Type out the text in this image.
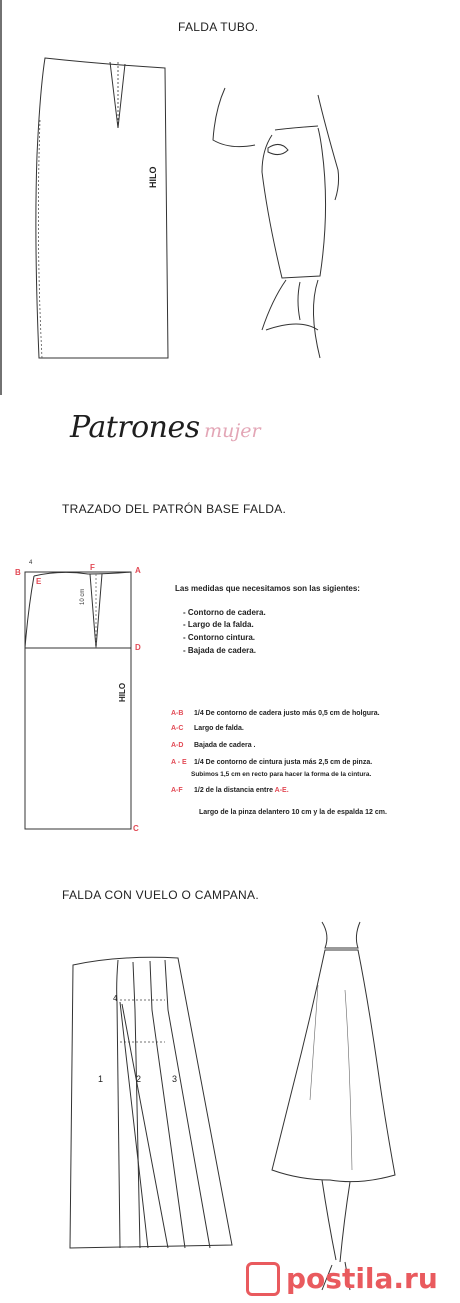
FALDA TUBO.
HILO
Patrones mujer
TRAZADO DEL PATRÓN BASE FALDA.
B
F	A
E
D
C
4
10 cm
HILO
Las medidas que necesitamos son las sigientes:
- Contorno de cadera.
- Largo de la falda.
- Contorno cintura.
- Bajada de cadera.
A-B 1/4 De contorno de cadera justo más 0,5 cm de holgura.
A-C Largo de falda.
A-D Bajada de cadera .
A - E 1/4 De contorno de cintura justa más 2,5 cm de pinza.
Subimos 1,5 cm en recto para hacer la forma de la cintura.
A-F 1/2 de la distancia entre A-E.
Largo de la pinza delantero 10 cm y la de espalda 12 cm.
FALDA CON VUELO O CAMPANA.
1	2	3
4
postila.ru
